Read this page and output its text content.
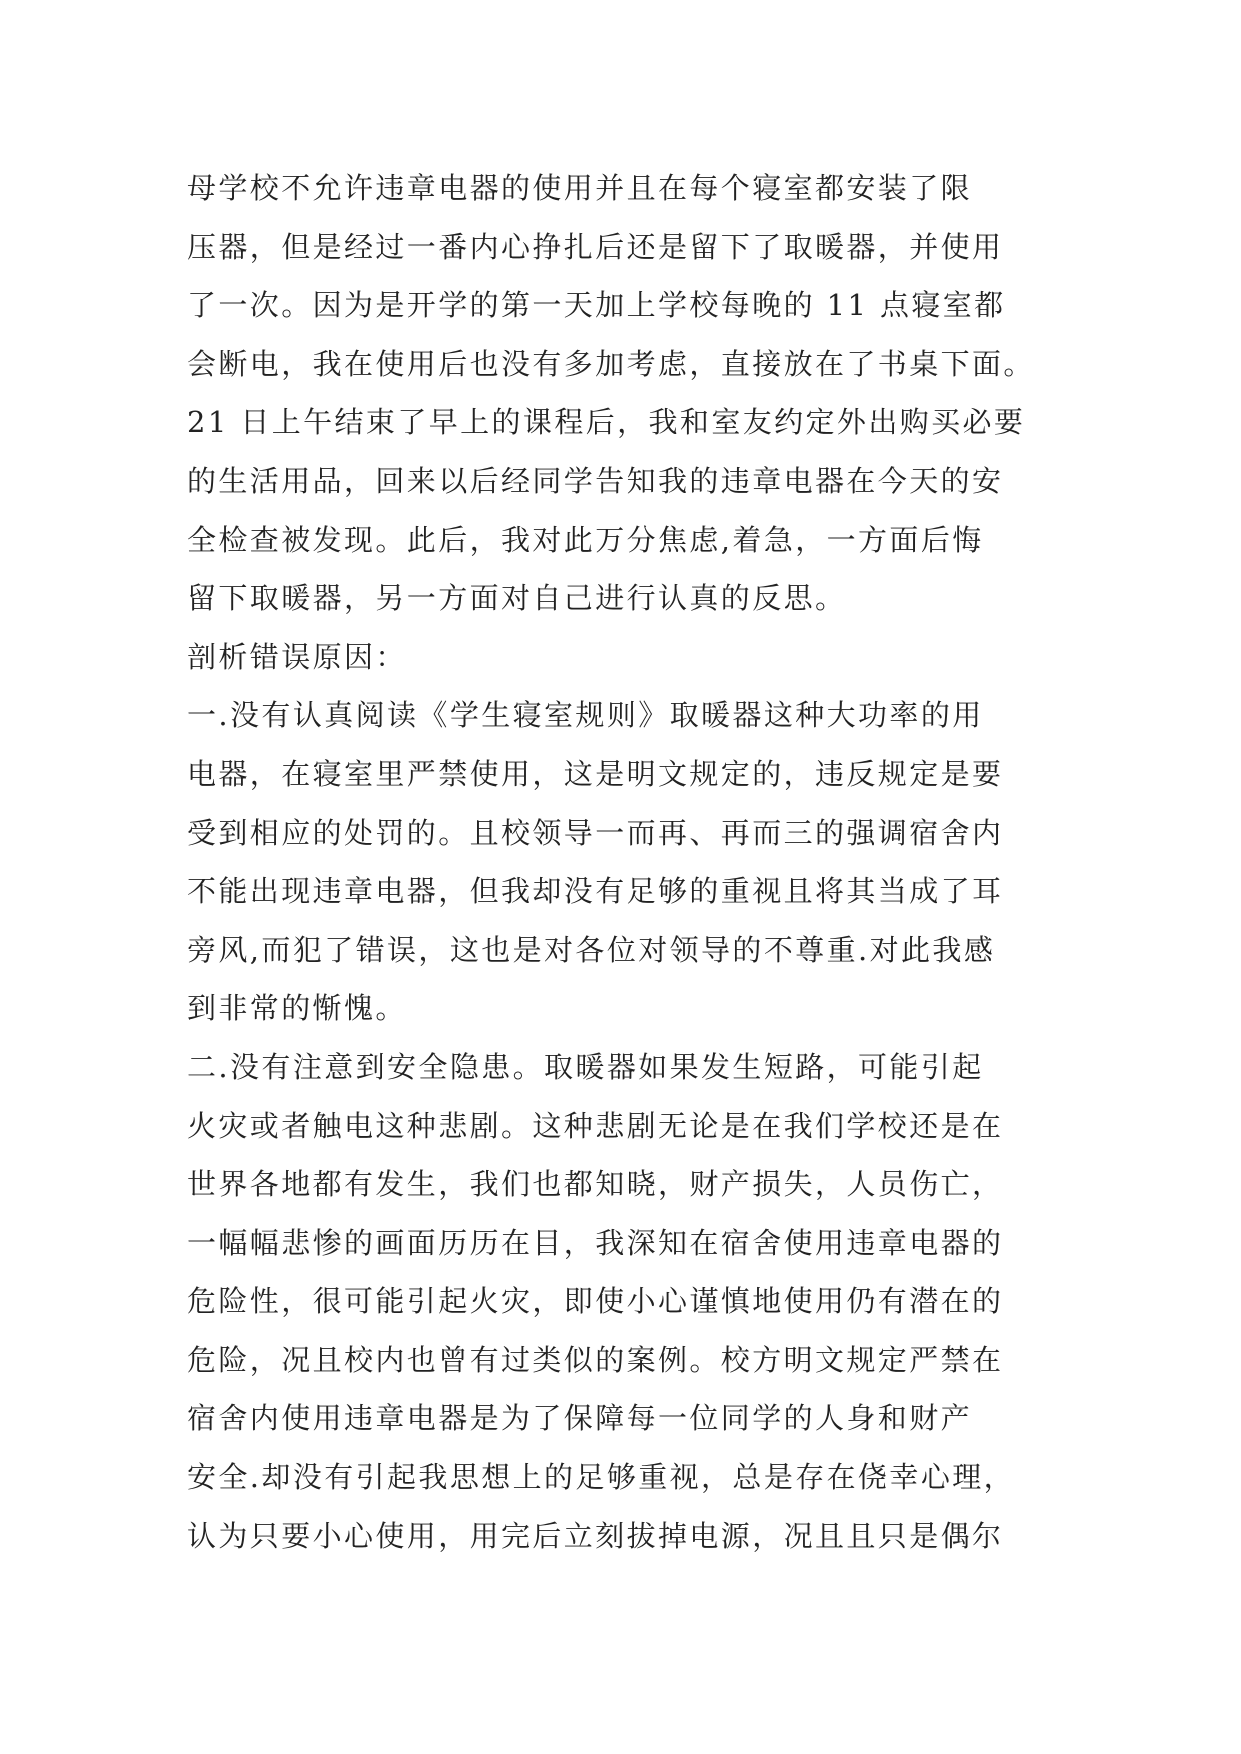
母学校不允许违章电器的使用并且在每个寝室都安装了限
压器，但是经过一番内心挣扎后还是留下了取暖器，并使用
了一次。因为是开学的第一天加上学校每晚的 11 点寝室都
会断电，我在使用后也没有多加考虑，直接放在了书桌下面。
21 日上午结束了早上的课程后，我和室友约定外出购买必要
的生活用品，回来以后经同学告知我的违章电器在今天的安
全检查被发现。此后，我对此万分焦虑,着急，一方面后悔
留下取暖器，另一方面对自己进行认真的反思。
剖析错误原因：
一.没有认真阅读《学生寝室规则》取暖器这种大功率的用
电器，在寝室里严禁使用，这是明文规定的，违反规定是要
受到相应的处罚的。且校领导一而再、再而三的强调宿舍内
不能出现违章电器，但我却没有足够的重视且将其当成了耳
旁风,而犯了错误，这也是对各位对领导的不尊重.对此我感
到非常的惭愧。
二.没有注意到安全隐患。取暖器如果发生短路，可能引起
火灾或者触电这种悲剧。这种悲剧无论是在我们学校还是在
世界各地都有发生，我们也都知晓，财产损失，人员伤亡，
一幅幅悲惨的画面历历在目，我深知在宿舍使用违章电器的
危险性，很可能引起火灾，即使小心谨慎地使用仍有潜在的
危险，况且校内也曾有过类似的案例。校方明文规定严禁在
宿舍内使用违章电器是为了保障每一位同学的人身和财产
安全.却没有引起我思想上的足够重视，总是存在侥幸心理，
认为只要小心使用，用完后立刻拔掉电源，况且且只是偶尔
